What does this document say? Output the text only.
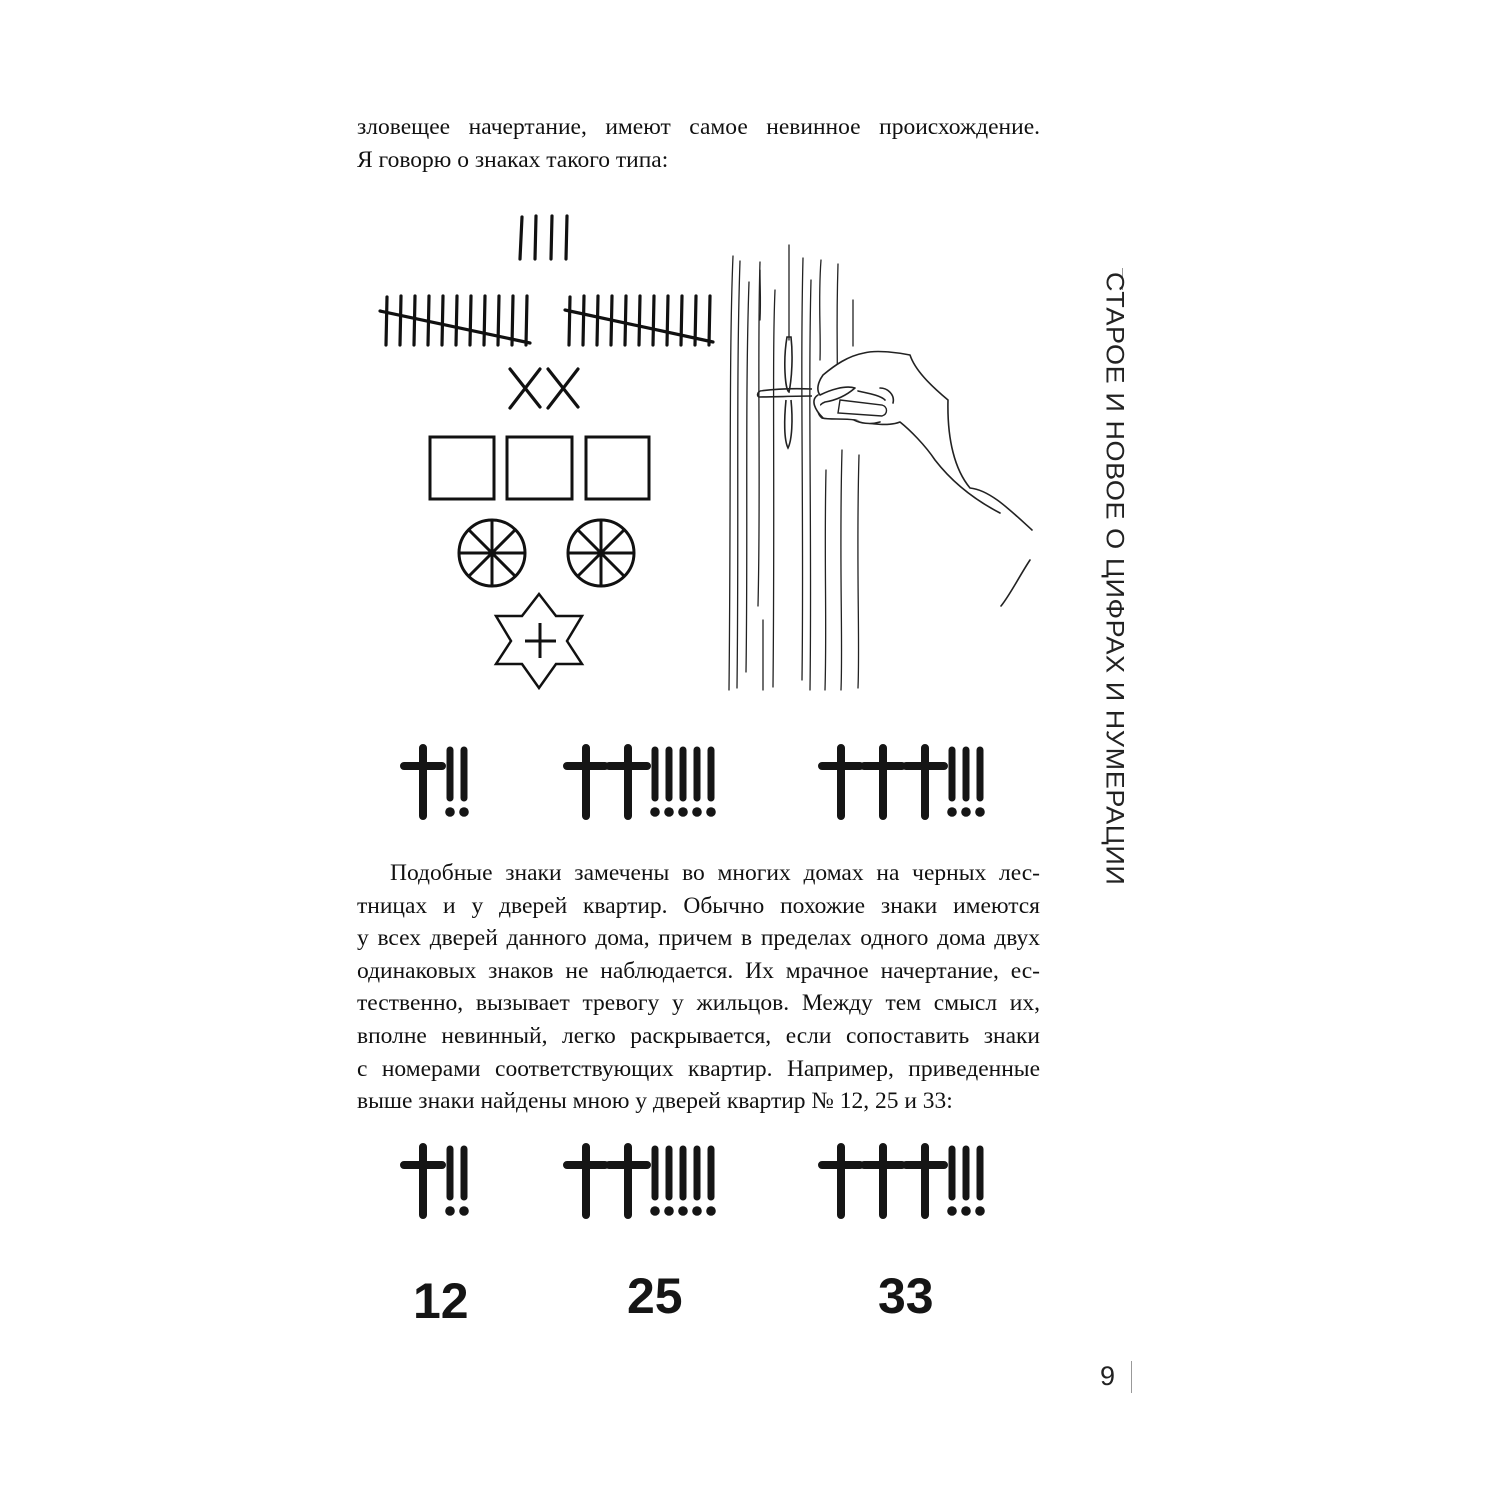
зловещее начертание, имеют самое невинное происхождение.
Я говорю о знаках такого типа:
Подобные знаки замечены во многих домах на черных лес-
тницах и у дверей квартир. Обычно похожие знаки имеются
у всех дверей данного дома, причем в пределах одного дома двух
одинаковых знаков не наблюдается. Их мрачное начертание, ес-
тественно, вызывает тревогу у жильцов. Между тем смысл их,
вполне невинный, легко раскрывается, если сопоставить знаки
с номерами соответствующих квартир. Например, приведенные
выше знаки найдены мною у дверей квартир № 12, 25 и 33:
12	25	33
СТАРОЕ И НОВОЕ О ЦИФРАХ И НУМЕРАЦИИ
9
